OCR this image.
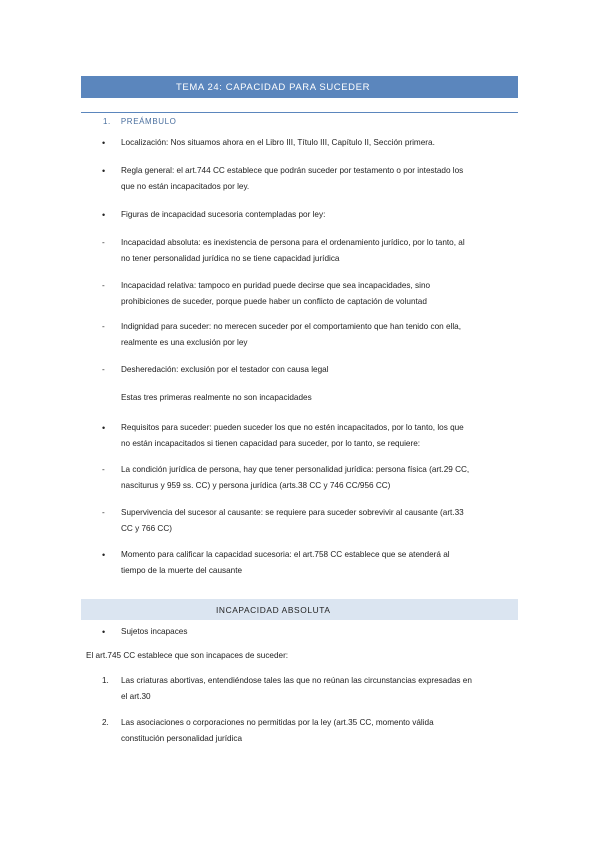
TEMA 24: CAPACIDAD PARA SUCEDER
1. PREÁMBULO
• Localización: Nos situamos ahora en el Libro III, Título III, Capítulo II, Sección primera.
• Regla general: el art.744 CC establece que podrán suceder por testamento o por intestado los
que no están incapacitados por ley.
• Figuras de incapacidad sucesoria contempladas por ley:
- Incapacidad absoluta: es inexistencia de persona para el ordenamiento jurídico, por lo tanto, al
no tener personalidad jurídica no se tiene capacidad jurídica
- Incapacidad relativa: tampoco en puridad puede decirse que sea incapacidades, sino
prohibiciones de suceder, porque puede haber un conflicto de captación de voluntad
- Indignidad para suceder: no merecen suceder por el comportamiento que han tenido con ella,
realmente es una exclusión por ley
- Desheredación: exclusión por el testador con causa legal
Estas tres primeras realmente no son incapacidades
• Requisitos para suceder: pueden suceder los que no estén incapacitados, por lo tanto, los que
no están incapacitados si tienen capacidad para suceder, por lo tanto, se requiere:
- La condición jurídica de persona, hay que tener personalidad jurídica: persona física (art.29 CC,
nasciturus y 959 ss. CC) y persona jurídica (arts.38 CC y 746 CC/956 CC)
- Supervivencia del sucesor al causante: se requiere para suceder sobrevivir al causante (art.33
CC y 766 CC)
• Momento para calificar la capacidad sucesoria: el art.758 CC establece que se atenderá al
tiempo de la muerte del causante
INCAPACIDAD ABSOLUTA
• Sujetos incapaces
El art.745 CC establece que son incapaces de suceder:
1. Las criaturas abortivas, entendiéndose tales las que no reúnan las circunstancias expresadas en
el art.30
2. Las asociaciones o corporaciones no permitidas por la ley (art.35 CC, momento válida
constitución personalidad jurídica
